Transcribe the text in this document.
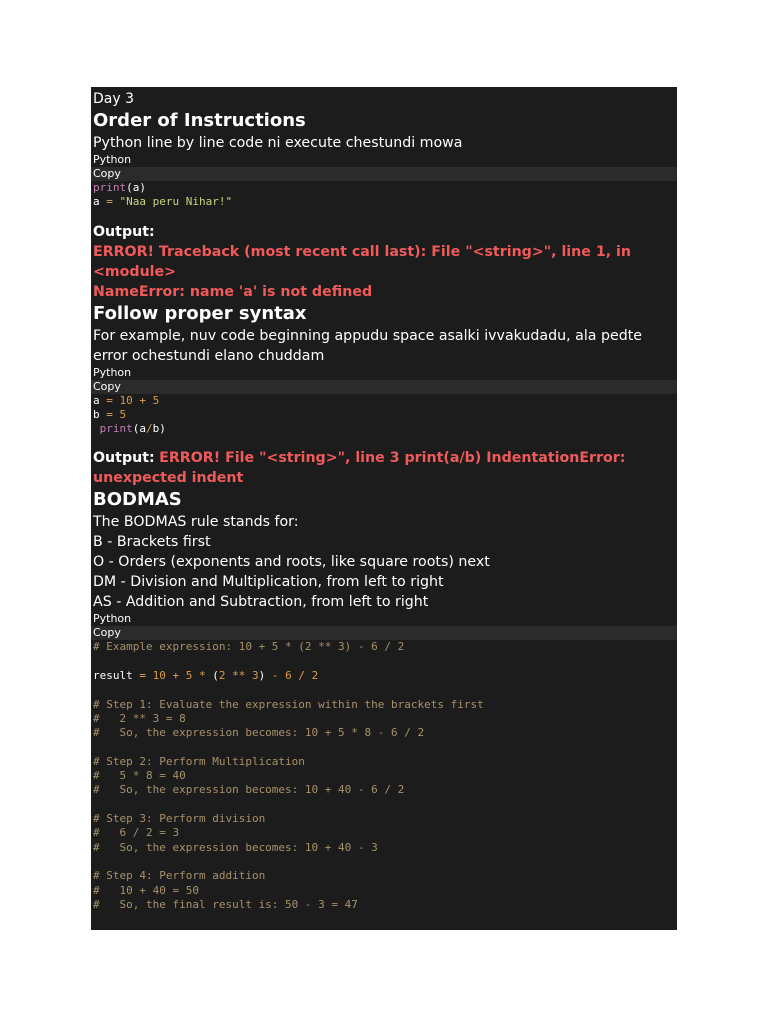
Day 3
Order of Instructions

Python line by line code ni execute chestundi mowa

Python
Copy
print(a)
a = "Naa peru Nihar!"

Output:

ERROR! Traceback (most recent call last): File "<string>", line 1, in <module>

NameError: name 'a' is not defined

Follow proper syntax

For example, nuv code beginning appudu space asalki ivvakudadu, ala pedte error ochestundi elano chuddam

Python
Copy
a = 10 + 5
b = 5
print(a/b)

Output: ERROR! File "<string>", line 3 print(a/b) IndentationError: unexpected indent

BODMAS

The BODMAS rule stands for:

B - Brackets first

O - Orders (exponents and roots, like square roots) next

DM - Division and Multiplication, from left to right

AS - Addition and Subtraction, from left to right

Python
Copy
# Example expression: 10 + 5 * (2 ** 3) - 6 / 2

result = 10 + 5 * (2 ** 3) - 6 / 2

# Step 1: Evaluate the expression within the brackets first
#   2 ** 3 = 8
#   So, the expression becomes: 10 + 5 * 8 - 6 / 2

# Step 2: Perform Multiplication
#   5 * 8 = 40
#   So, the expression becomes: 10 + 40 - 6 / 2

# Step 3: Perform division
#   6 / 2 = 3
#   So, the expression becomes: 10 + 40 - 3

# Step 4: Perform addition
#   10 + 40 = 50
#   So, the final result is: 50 - 3 = 47
